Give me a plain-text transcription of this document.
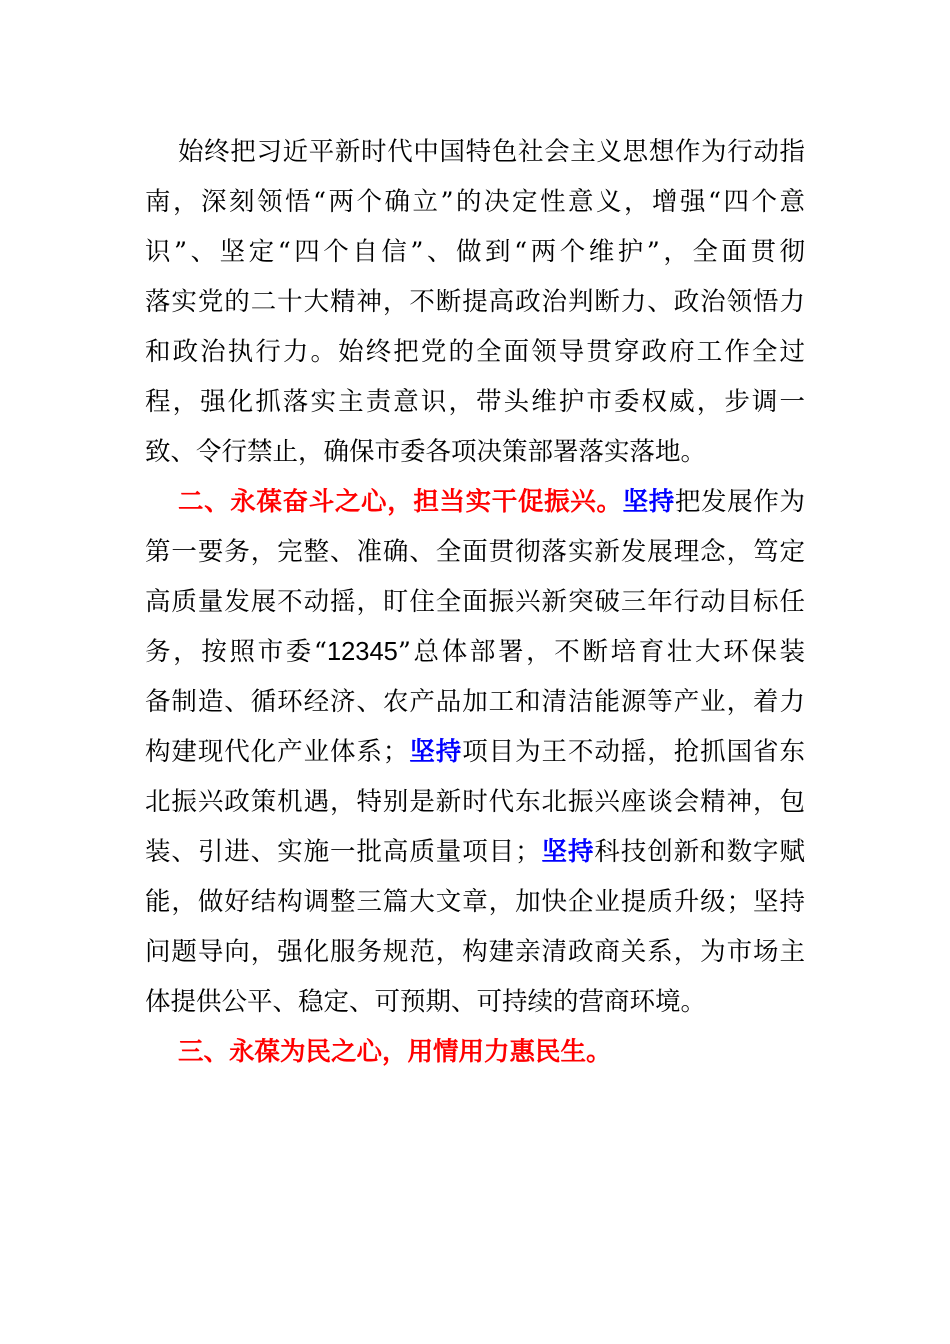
始终把习近平新时代中国特色社会主义思想作为行动指
南，深刻领悟“两个确立”的决定性意义，增强“四个意
识”、坚定“四个自信”、做到“两个维护”，全面贯彻
落实党的二十大精神，不断提高政治判断力、政治领悟力
和政治执行力。始终把党的全面领导贯穿政府工作全过
程，强化抓落实主责意识，带头维护市委权威，步调一
致、令行禁止，确保市委各项决策部署落实落地。
二、永葆奋斗之心，担当实干促振兴。坚持把发展作为
第一要务，完整、准确、全面贯彻落实新发展理念，笃定
高质量发展不动摇，盯住全面振兴新突破三年行动目标任
务，按照市委“12345”总体部署，不断培育壮大环保装
备制造、循环经济、农产品加工和清洁能源等产业，着力
构建现代化产业体系；坚持项目为王不动摇，抢抓国省东
北振兴政策机遇，特别是新时代东北振兴座谈会精神，包
装、引进、实施一批高质量项目；坚持科技创新和数字赋
能，做好结构调整三篇大文章，加快企业提质升级；坚持
问题导向，强化服务规范，构建亲清政商关系，为市场主
体提供公平、稳定、可预期、可持续的营商环境。
三、永葆为民之心，用情用力惠民生。
